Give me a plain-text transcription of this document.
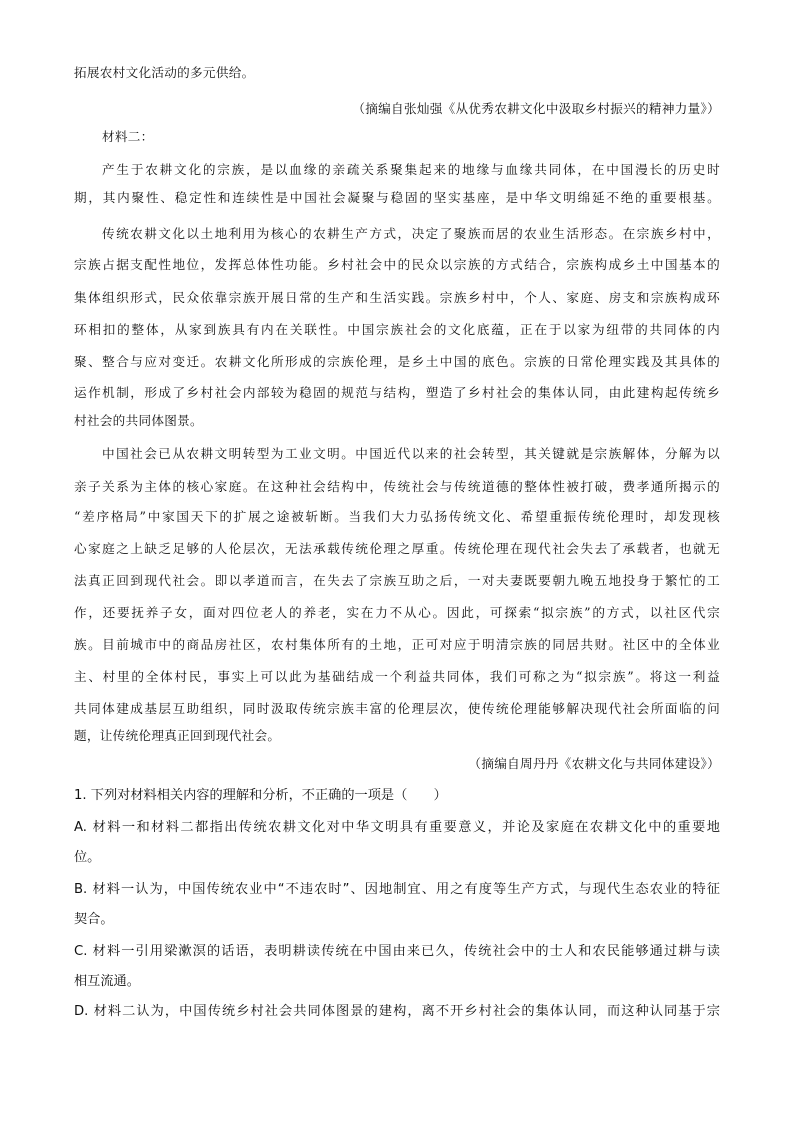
拓展农村文化活动的多元供给。

（摘编自张灿强《从优秀农耕文化中汲取乡村振兴的精神力量》）

材料二：

产生于农耕文化的宗族，是以血缘的亲疏关系聚集起来的地缘与血缘共同体，在中国漫长的历史时

期，其内聚性、稳定性和连续性是中国社会凝聚与稳固的坚实基座，是中华文明绵延不绝的重要根基。

传统农耕文化以土地利用为核心的农耕生产方式，决定了聚族而居的农业生活形态。在宗族乡村中，

宗族占据支配性地位，发挥总体性功能。乡村社会中的民众以宗族的方式结合，宗族构成乡土中国基本的

集体组织形式，民众依靠宗族开展日常的生产和生活实践。宗族乡村中，个人、家庭、房支和宗族构成环

环相扣的整体，从家到族具有内在关联性。中国宗族社会的文化底蕴，正在于以家为纽带的共同体的内

聚、整合与应对变迁。农耕文化所形成的宗族伦理，是乡土中国的底色。宗族的日常伦理实践及其具体的

运作机制，形成了乡村社会内部较为稳固的规范与结构，塑造了乡村社会的集体认同，由此建构起传统乡

村社会的共同体图景。

中国社会已从农耕文明转型为工业文明。中国近代以来的社会转型，其关键就是宗族解体，分解为以

亲子关系为主体的核心家庭。在这种社会结构中，传统社会与传统道德的整体性被打破，费孝通所揭示的

“差序格局”中家国天下的扩展之途被斩断。当我们大力弘扬传统文化、希望重振传统伦理时，却发现核

心家庭之上缺乏足够的人伦层次，无法承载传统伦理之厚重。传统伦理在现代社会失去了承载者，也就无

法真正回到现代社会。即以孝道而言，在失去了宗族互助之后，一对夫妻既要朝九晚五地投身于繁忙的工

作，还要抚养子女，面对四位老人的养老，实在力不从心。因此，可探索“拟宗族”的方式，以社区代宗

族。目前城市中的商品房社区，农村集体所有的土地，正可对应于明清宗族的同居共财。社区中的全体业

主、村里的全体村民，事实上可以此为基础结成一个利益共同体，我们可称之为“拟宗族”。将这一利益

共同体建成基层互助组织，同时汲取传统宗族丰富的伦理层次，使传统伦理能够解决现代社会所面临的问

题，让传统伦理真正回到现代社会。

（摘编自周丹丹《农耕文化与共同体建设》）

1. 下列对材料相关内容的理解和分析，不正确的一项是（　　）

A. 材料一和材料二都指出传统农耕文化对中华文明具有重要意义，并论及家庭在农耕文化中的重要地

位。

B. 材料一认为，中国传统农业中“不违农时”、因地制宜、用之有度等生产方式，与现代生态农业的特征

契合。

C. 材料一引用梁漱溟的话语，表明耕读传统在中国由来已久，传统社会中的士人和农民能够通过耕与读

相互流通。

D. 材料二认为，中国传统乡村社会共同体图景的建构，离不开乡村社会的集体认同，而这种认同基于宗
